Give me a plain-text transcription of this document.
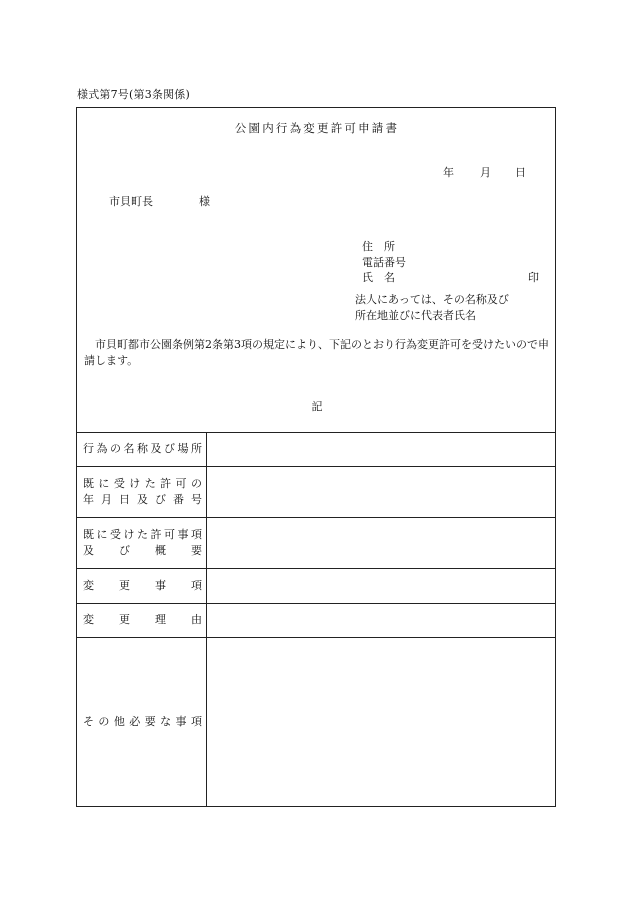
様式第7号(第3条関係)
公園内行為変更許可申請書
年 月 日
市貝町長	様
住　所
電話番号
氏　名	印
法人にあっては、その名称及び
所在地並びに代表者氏名
市貝町都市公園条例第2条第3項の規定により、下記のとおり行為変更許可を受けたいので申請します。
記
行 為 の 名 称 及 び 場 所
既 に 受 け た 許 可 の
年 月 日 及 び 番 号
既 に 受 け た 許 可 事 項
及 び 概 要
変 更 事 項
変 更 理 由
そ の 他 必 要 な 事 項
